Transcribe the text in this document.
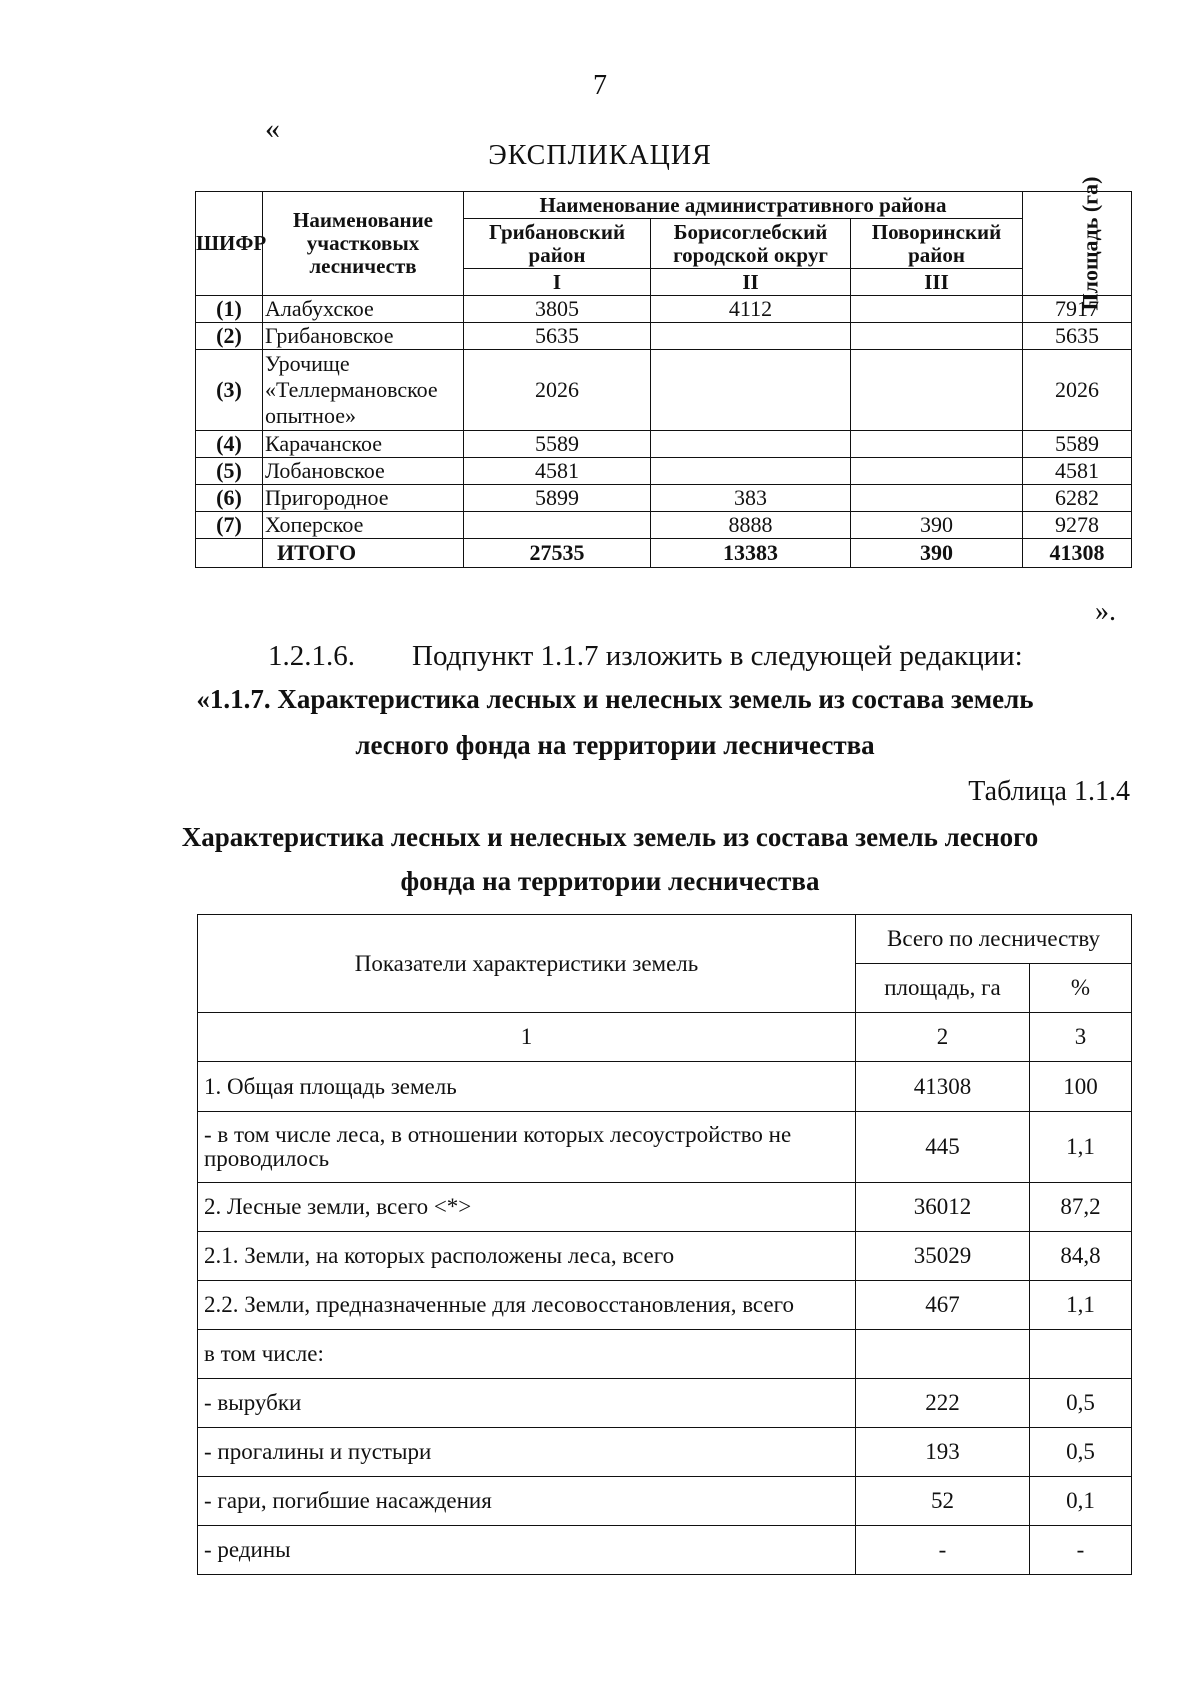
7
«
ЭКСПЛИКАЦИЯ
ШИФР	Наименование участковых лесничеств	Наименование административного района			Площадь (га)
		Грибановский район	Борисоглебский городской округ	Поворинский район	
		I	II	III	
(1)	Алабухское	3805	4112		7917
(2)	Грибановское	5635			5635
(3)	Урочище «Теллермановское опытное»	2026			2026
(4)	Карачанское	5589			5589
(5)	Лобановское	4581			4581
(6)	Пригородное	5899	383		6282
(7)	Хоперское		8888	390	9278
	ИТОГО	27535	13383	390	41308
».
1.2.1.6. Подпункт 1.1.7 изложить в следующей редакции:
«1.1.7. Характеристика лесных и нелесных земель из состава земель
лесного фонда на территории лесничества
Таблица 1.1.4
Характеристика лесных и нелесных земель из состава земель лесного
фонда на территории лесничества
Показатели характеристики земель	Всего по лесничеству	
	площадь, га	%
1	2	3
1. Общая площадь земель	41308	100
- в том числе леса, в отношении которых лесоустройство не проводилось	445	1,1
2. Лесные земли, всего <*>	36012	87,2
2.1. Земли, на которых расположены леса, всего	35029	84,8
2.2. Земли, предназначенные для лесовосстановления, всего	467	1,1
в том числе:		
- вырубки	222	0,5
- прогалины и пустыри	193	0,5
- гари, погибшие насаждения	52	0,1
- редины	-	-
